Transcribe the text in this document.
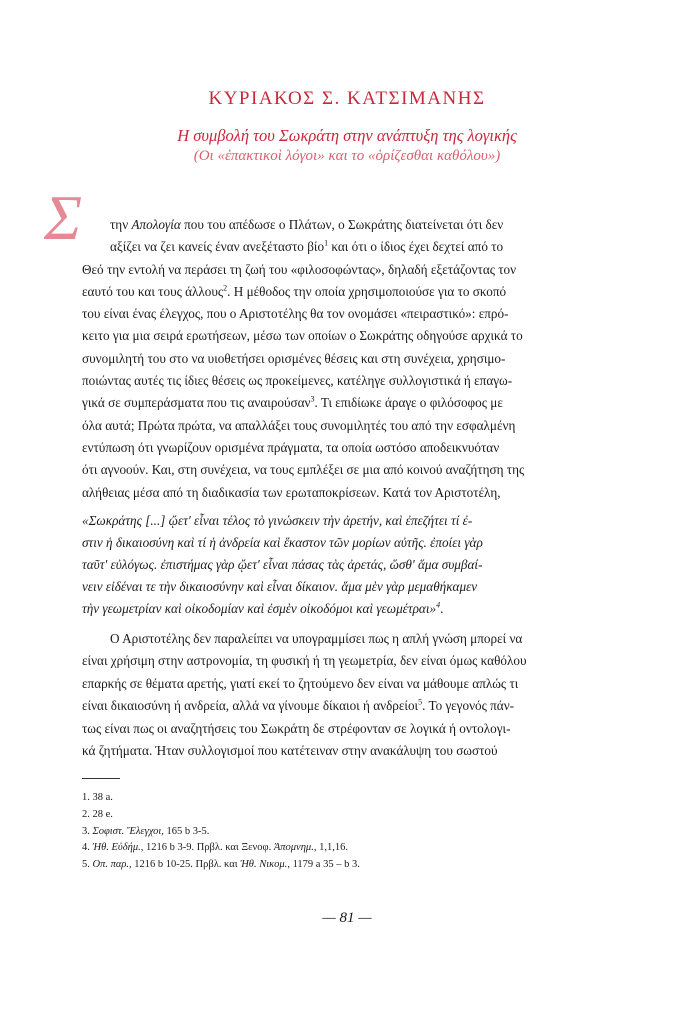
ΚΥΡΙΑΚΟΣ Σ. ΚΑΤΣΙΜΑΝΗΣ
Η συμβολή του Σωκράτη στην ανάπτυξη της λογικής
(Οι «ἐπακτικοὶ λόγοι» και το «ὁρίζεσθαι καθόλου»)
Σ	την Απολογία που του απέδωσε ο Πλάτων, ο Σωκράτης διατείνεται ότι δεν
αξίζει να ζει κανείς έναν ανεξέταστο βίο$^1$ και ότι ο ίδιος έχει δεχτεί από το
Θεό την εντολή να περάσει τη ζωή του «φιλοσοφώντας», δηλαδή εξετάζοντας τον
εαυτό του και τους άλλους$^2$. Η μέθοδος την οποία χρησιμοποιούσε για το σκοπό
του είναι ένας έλεγχος, που ο Αριστοτέλης θα τον ονομάσει «πειραστικό»: επρό-
κειτο για μια σειρά ερωτήσεων, μέσω των οποίων ο Σωκράτης οδηγούσε αρχικά το
συνομιλητή του στο να υιοθετήσει ορισμένες θέσεις και στη συνέχεια, χρησιμο-
ποιώντας αυτές τις ίδιες θέσεις ως προκείμενες, κατέληγε συλλογιστικά ή επαγω-
γικά σε συμπεράσματα που τις αναιρούσαν$^3$. Τι επιδίωκε άραγε ο φιλόσοφος με
όλα αυτά; Πρώτα πρώτα, να απαλλάξει τους συνομιλητές του από την εσφαλμένη
εντύπωση ότι γνωρίζουν ορισμένα πράγματα, τα οποία ωστόσο αποδεικνυόταν
ότι αγνοούν. Και, στη συνέχεια, να τους εμπλέξει σε μια από κοινού αναζήτηση της
αλήθειας μέσα από τη διαδικασία των ερωταποκρίσεων. Κατά τον Αριστοτέλη,
«Σωκράτης [...] ᾤετ' εἶναι τέλος τὸ γινώσκειν τὴν ἀρετήν, καὶ ἐπεζήτει τί ἐ-
στιν ἡ δικαιοσύνη καὶ τί ἡ ἀνδρεία καὶ ἕκαστον τῶν μορίων αὐτῆς. ἐποίει γὰρ
ταῦτ' εὐλόγως. ἐπιστήμας γὰρ ᾤετ' εἶναι πάσας τὰς ἀρετάς, ὥσθ' ἅμα συμβαί-
νειν εἰδέναι τε τὴν δικαιοσύνην καὶ εἶναι δίκαιον. ἅμα μὲν γὰρ μεμαθήκαμεν
τὴν γεωμετρίαν καὶ οἰκοδομίαν καὶ ἐσμὲν οἰκοδόμοι καὶ γεωμέτραι»$^4$.
Ο Αριστοτέλης δεν παραλείπει να υπογραμμίσει πως η απλή γνώση μπορεί να
είναι χρήσιμη στην αστρονομία, τη φυσική ή τη γεωμετρία, δεν είναι όμως καθόλου
επαρκής σε θέματα αρετής, γιατί εκεί το ζητούμενο δεν είναι να μάθουμε απλώς τι
είναι δικαιοσύνη ή ανδρεία, αλλά να γίνουμε δίκαιοι ή ανδρείοι$^5$. Το γεγονός πάν-
τως είναι πως οι αναζητήσεις του Σωκράτη δε στρέφονταν σε λογικά ή οντολογι-
κά ζητήματα. Ήταν συλλογισμοί που κατέτειναν στην ανακάλυψη του σωστού
1. 38 a.
2. 28 e.
3. Σοφιστ. Ἔλεγχοι, 165 b 3-5.
4. Ἠθ. Εὐδήμ., 1216 b 3-9. Πρβλ. και Ξενοφ. Ἀπομνημ., 1,1,16.
5. Οπ. παρ., 1216 b 10-25. Πρβλ. και Ἠθ. Νικομ., 1179 a 35 – b 3.
— 81 —
